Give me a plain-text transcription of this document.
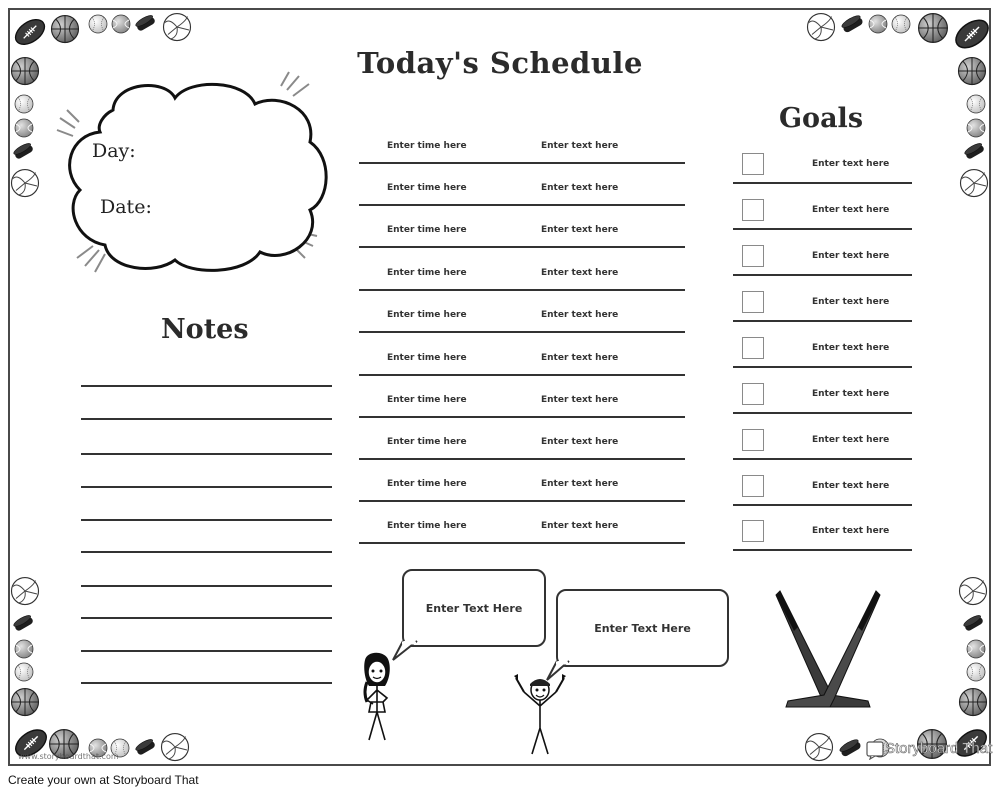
Today's Schedule
Day:
Date:
Notes
Enter time here	Enter text here
Enter time here	Enter text here
Enter time here	Enter text here
Enter time here	Enter text here
Enter time here	Enter text here
Enter time here	Enter text here
Enter time here	Enter text here
Enter time here	Enter text here
Enter time here	Enter text here
Enter time here	Enter text here
Goals
Enter text here
Enter text here
Enter text here
Enter text here
Enter text here
Enter text here
Enter text here
Enter text here
Enter text here
Enter Text Here
Enter Text Here
www.storyboardthat.com	Storyboard That
Create your own at Storyboard That
